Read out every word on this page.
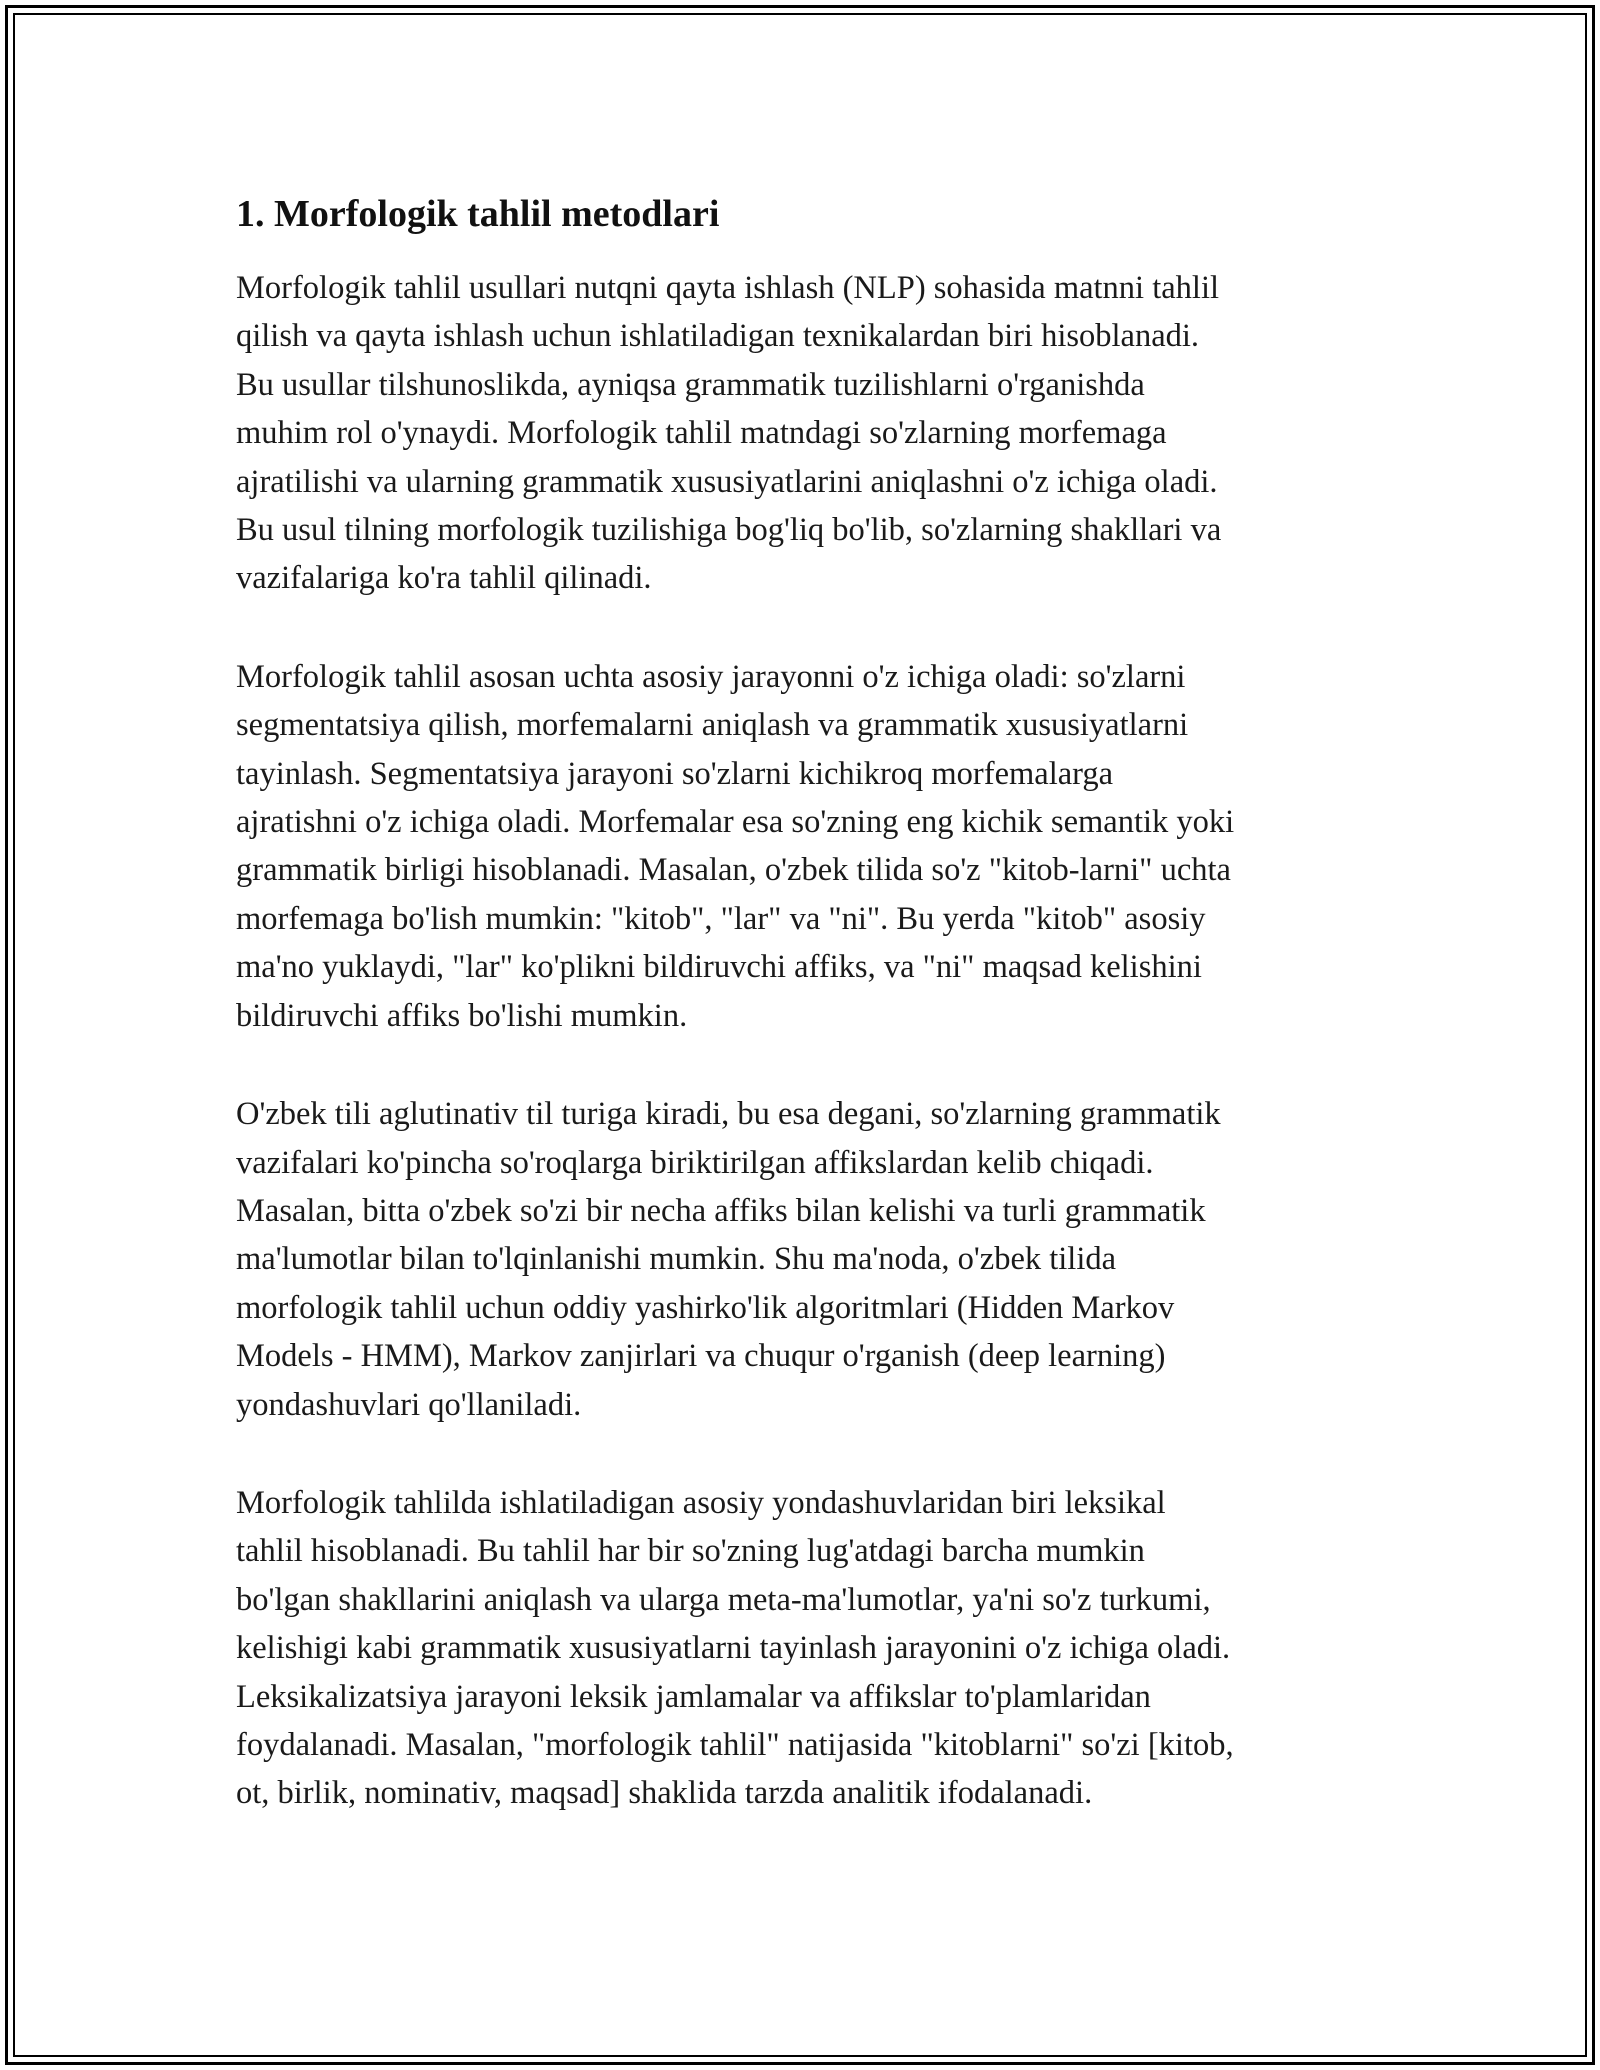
1. Morfologik tahlil metodlari

Morfologik tahlil usullari nutqni qayta ishlash (NLP) sohasida matnni tahlil
qilish va qayta ishlash uchun ishlatiladigan texnikalardan biri hisoblanadi.
Bu usullar tilshunoslikda, ayniqsa grammatik tuzilishlarni o'rganishda
muhim rol o'ynaydi. Morfologik tahlil matndagi so'zlarning morfemaga
ajratilishi va ularning grammatik xususiyatlarini aniqlashni o'z ichiga oladi.
Bu usul tilning morfologik tuzilishiga bog'liq bo'lib, so'zlarning shakllari va
vazifalariga ko'ra tahlil qilinadi.

Morfologik tahlil asosan uchta asosiy jarayonni o'z ichiga oladi: so'zlarni
segmentatsiya qilish, morfemalarni aniqlash va grammatik xususiyatlarni
tayinlash. Segmentatsiya jarayoni so'zlarni kichikroq morfemalarga
ajratishni o'z ichiga oladi. Morfemalar esa so'zning eng kichik semantik yoki
grammatik birligi hisoblanadi. Masalan, o'zbek tilida so'z "kitob-larni" uchta
morfemaga bo'lish mumkin: "kitob", "lar" va "ni". Bu yerda "kitob" asosiy
ma'no yuklaydi, "lar" ko'plikni bildiruvchi affiks, va "ni" maqsad kelishini
bildiruvchi affiks bo'lishi mumkin.

O'zbek tili aglutinativ til turiga kiradi, bu esa degani, so'zlarning grammatik
vazifalari ko'pincha so'roqlarga biriktirilgan affikslardan kelib chiqadi.
Masalan, bitta o'zbek so'zi bir necha affiks bilan kelishi va turli grammatik
ma'lumotlar bilan to'lqinlanishi mumkin. Shu ma'noda, o'zbek tilida
morfologik tahlil uchun oddiy yashirko'lik algoritmlari (Hidden Markov
Models - HMM), Markov zanjirlari va chuqur o'rganish (deep learning)
yondashuvlari qo'llaniladi.

Morfologik tahlilda ishlatiladigan asosiy yondashuvlaridan biri leksikal
tahlil hisoblanadi. Bu tahlil har bir so'zning lug'atdagi barcha mumkin
bo'lgan shakllarini aniqlash va ularga meta-ma'lumotlar, ya'ni so'z turkumi,
kelishigi kabi grammatik xususiyatlarni tayinlash jarayonini o'z ichiga oladi.
Leksikalizatsiya jarayoni leksik jamlamalar va affikslar to'plamlaridan
foydalanadi. Masalan, "morfologik tahlil" natijasida "kitoblarni" so'zi [kitob,
ot, birlik, nominativ, maqsad] shaklida tarzda analitik ifodalanadi.
